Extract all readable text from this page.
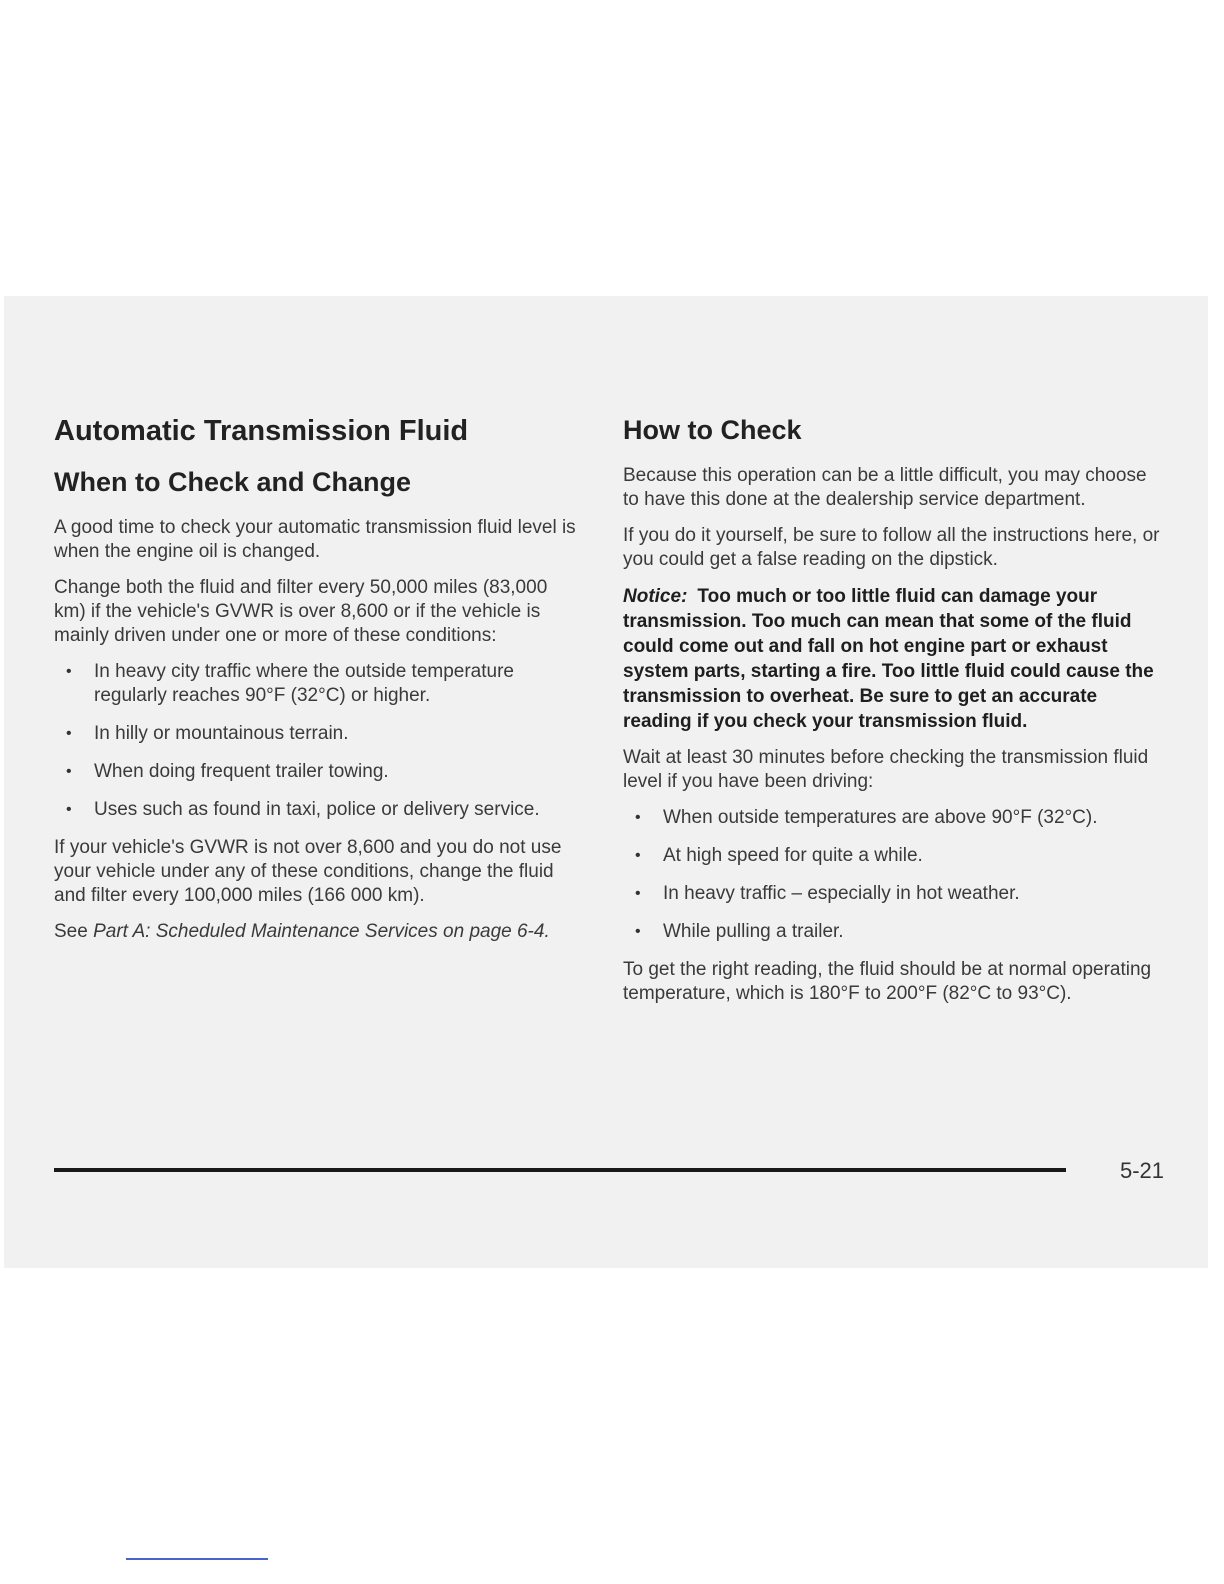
Automatic Transmission Fluid
When to Check and Change

A good time to check your automatic transmission fluid level is when the engine oil is changed.

Change both the fluid and filter every 50,000 miles (83,000 km) if the vehicle's GVWR is over 8,600 or if the vehicle is mainly driven under one or more of these conditions:

• In heavy city traffic where the outside temperature regularly reaches 90°F (32°C) or higher.
• In hilly or mountainous terrain.
• When doing frequent trailer towing.
• Uses such as found in taxi, police or delivery service.

If your vehicle's GVWR is not over 8,600 and you do not use your vehicle under any of these conditions, change the fluid and filter every 100,000 miles (166 000 km).

See Part A: Scheduled Maintenance Services on page 6-4.

How to Check

Because this operation can be a little difficult, you may choose to have this done at the dealership service department.

If you do it yourself, be sure to follow all the instructions here, or you could get a false reading on the dipstick.

Notice: Too much or too little fluid can damage your transmission. Too much can mean that some of the fluid could come out and fall on hot engine part or exhaust system parts, starting a fire. Too little fluid could cause the transmission to overheat. Be sure to get an accurate reading if you check your transmission fluid.

Wait at least 30 minutes before checking the transmission fluid level if you have been driving:

• When outside temperatures are above 90°F (32°C).
• At high speed for quite a while.
• In heavy traffic – especially in hot weather.
• While pulling a trailer.

To get the right reading, the fluid should be at normal operating temperature, which is 180°F to 200°F (82°C to 93°C).

5-21
